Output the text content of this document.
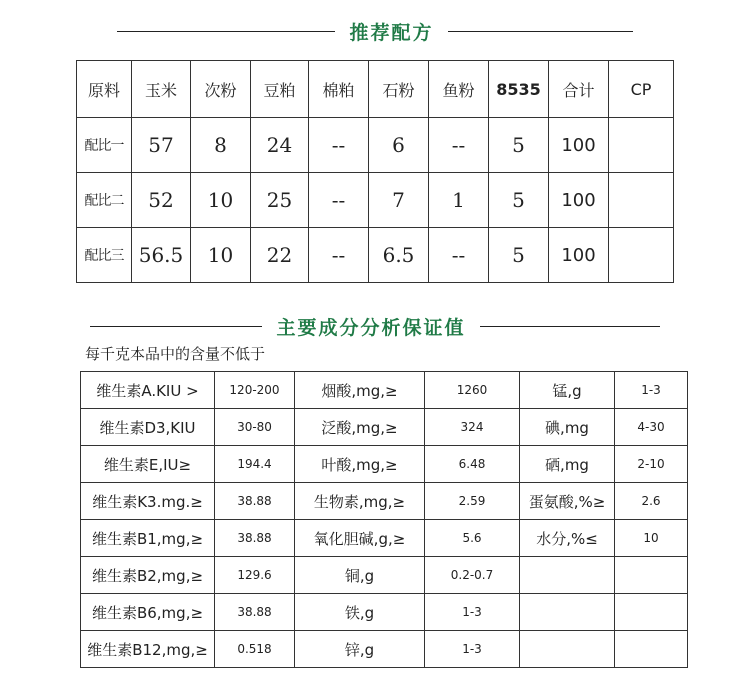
推荐配方
原料	玉米	次粉	豆粕	棉粕	石粉	鱼粉	8535	合计	CP
配比一	57	8	24	--	6	--	5	100	
配比二	52	10	25	--	7	1	5	100	
配比三	56.5	10	22	--	6.5	--	5	100	
主要成分分析保证值
每千克本品中的含量不低于
维生素A.KIU >	120-200	烟酸,mg,≥	1260	锰,g	1-3
维生素D3,KIU	30-80	泛酸,mg,≥	324	碘,mg	4-30
维生素E,IU≥	194.4	叶酸,mg,≥	6.48	硒,mg	2-10
维生素K3.mg.≥	38.88	生物素,mg,≥	2.59	蛋氨酸,%≥	2.6
维生素B1,mg,≥	38.88	氧化胆碱,g,≥	5.6	水分,%≤	10
维生素B2,mg,≥	129.6	铜,g	0.2-0.7		
维生素B6,mg,≥	38.88	铁,g	1-3		
维生素B12,mg,≥	0.518	锌,g	1-3		
